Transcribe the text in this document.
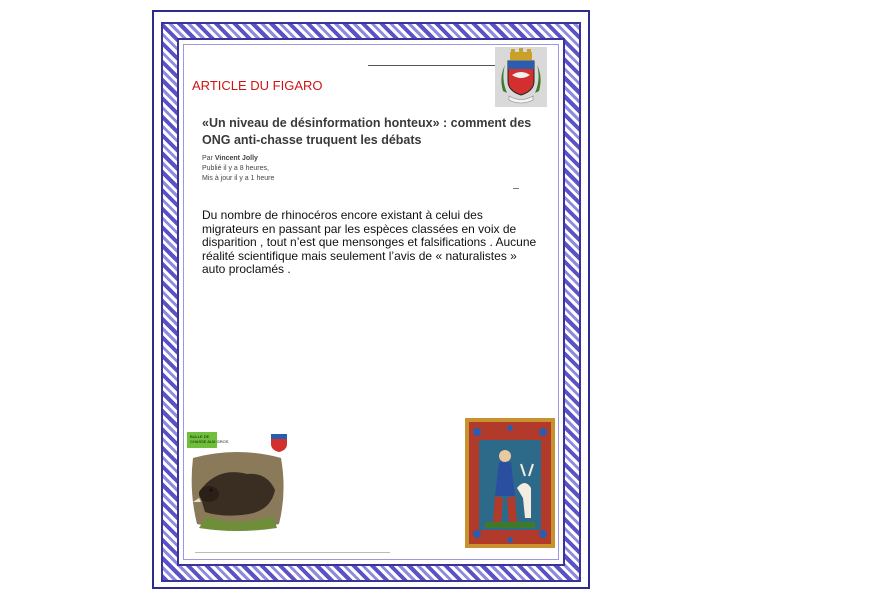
ARTICLE DU FIGARO
«Un niveau de désinformation honteux» : comment des ONG anti-chasse truquent les débats
Par Vincent Jolly
Publié il y a 8 heures,
Mis à jour il y a 1 heure
Du nombre de rhinocéros encore existant à celui des migrateurs en passant par les espèces classées en voix de disparition , tout n’est que mensonges et falsifications . Aucune réalité scientifique mais seulement l’avis de « naturalistes » auto proclamés .
BULLE DE
CHASSE AUX GROS
